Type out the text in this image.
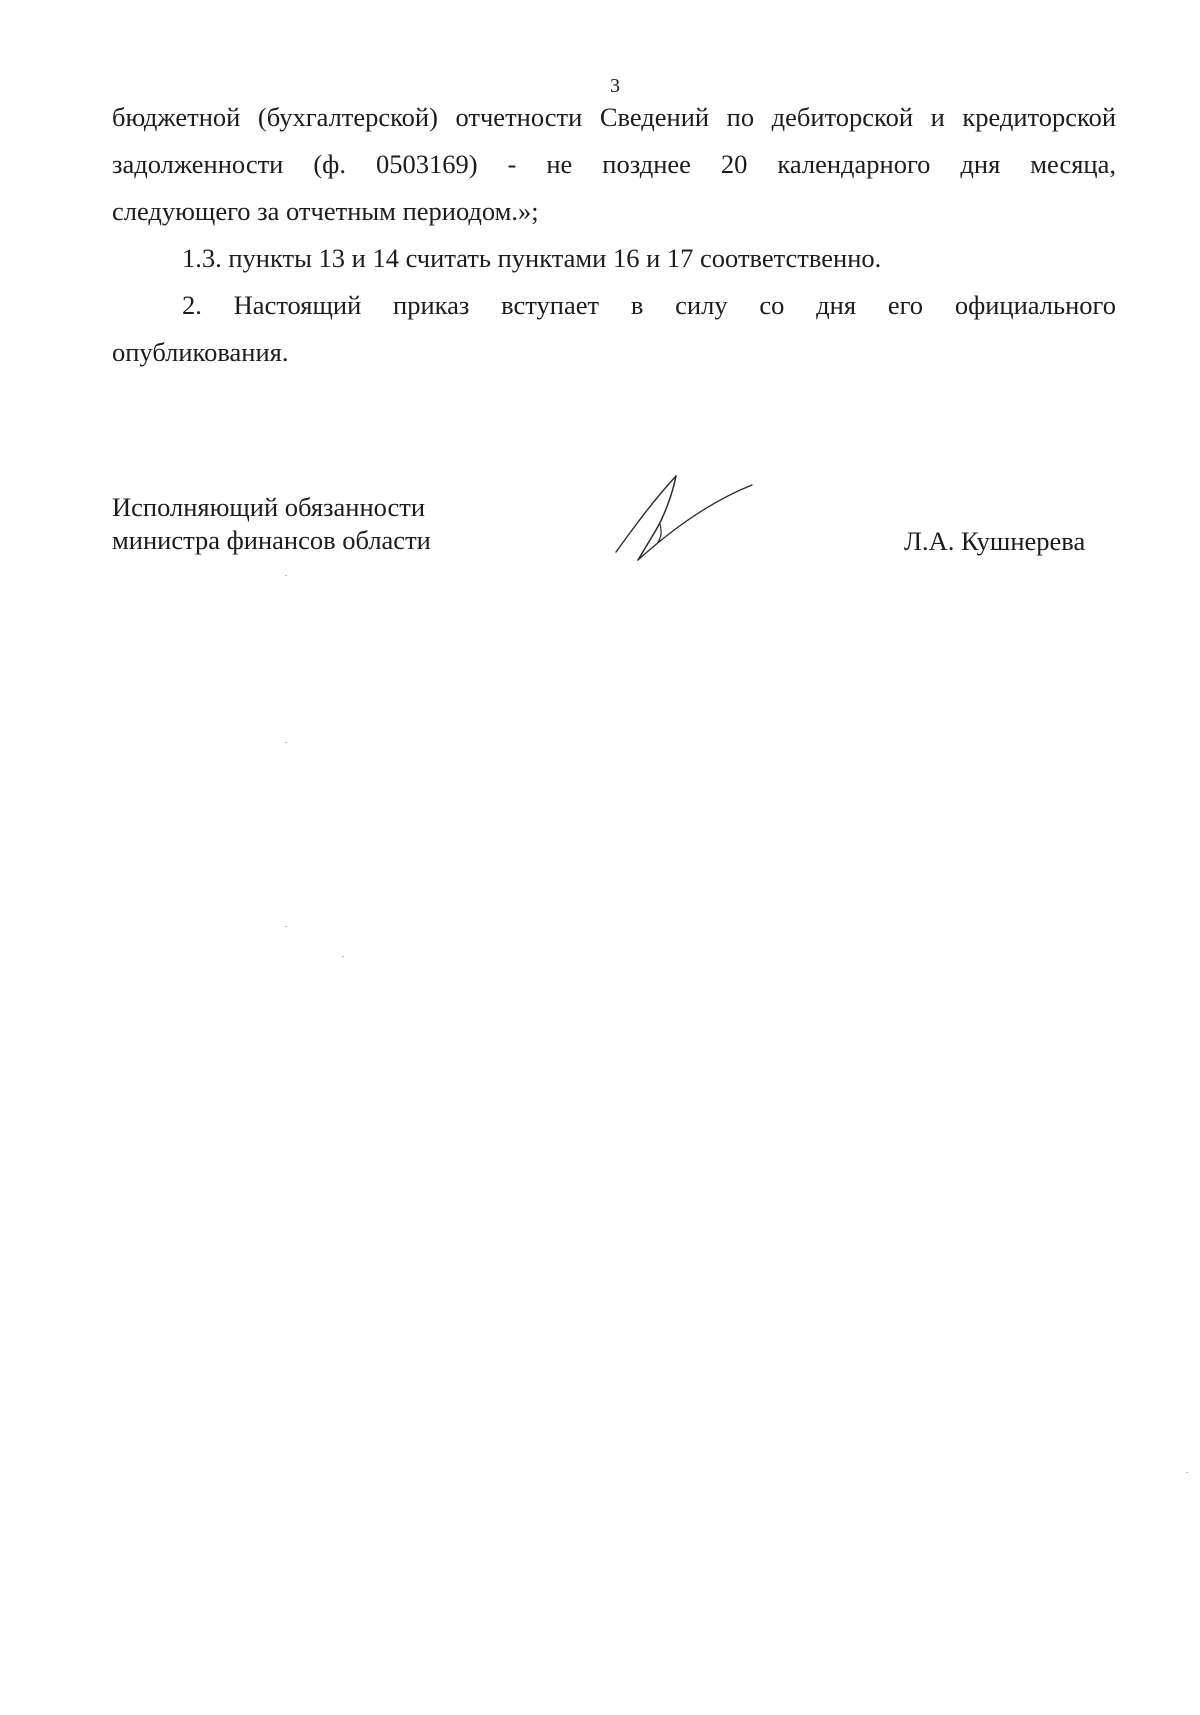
3
бюджетной (бухгалтерской) отчетности Сведений по дебиторской и кредиторской
задолженности (ф. 0503169) - не позднее 20 календарного дня месяца,
следующего за отчетным периодом.»;
1.3. пункты 13 и 14 считать пунктами 16 и 17 соответственно.
2. Настоящий приказ вступает в силу со дня его официального
опубликования.
Исполняющий обязанности
министра финансов области	Л.А. Кушнерева
